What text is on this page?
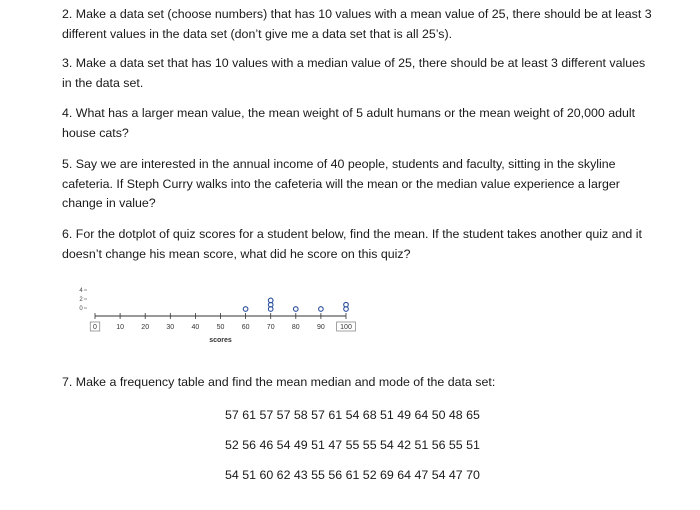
2. Make a data set (choose numbers) that has 10 values with a mean value of 25, there should be at least 3 different values in the data set (don’t give me a data set that is all 25’s).

3. Make a data set that has 10 values with a median value of 25, there should be at least 3 different values in the data set.

4. What has a larger mean value, the mean weight of 5 adult humans or the mean weight of 20,000 adult house cats?

5. Say we are interested in the annual income of 40 people, students and faculty, sitting in the skyline cafeteria. If Steph Curry walks into the cafeteria will the mean or the median value experience a larger change in value?

6. For the dotplot of quiz scores for a student below, find the mean. If the student takes another quiz and it doesn’t change his mean score, what did he score on this quiz?

4
2
0
0	10 20 30 40 50 60 70 80 90 100
scores

7. Make a frequency table and find the mean median and mode of the data set:

57 61 57 57 58 57 61 54 68 51 49 64 50 48 65

52 56 46 54 49 51 47 55 55 54 42 51 56 55 51

54 51 60 62 43 55 56 61 52 69 64 47 54 47 70
